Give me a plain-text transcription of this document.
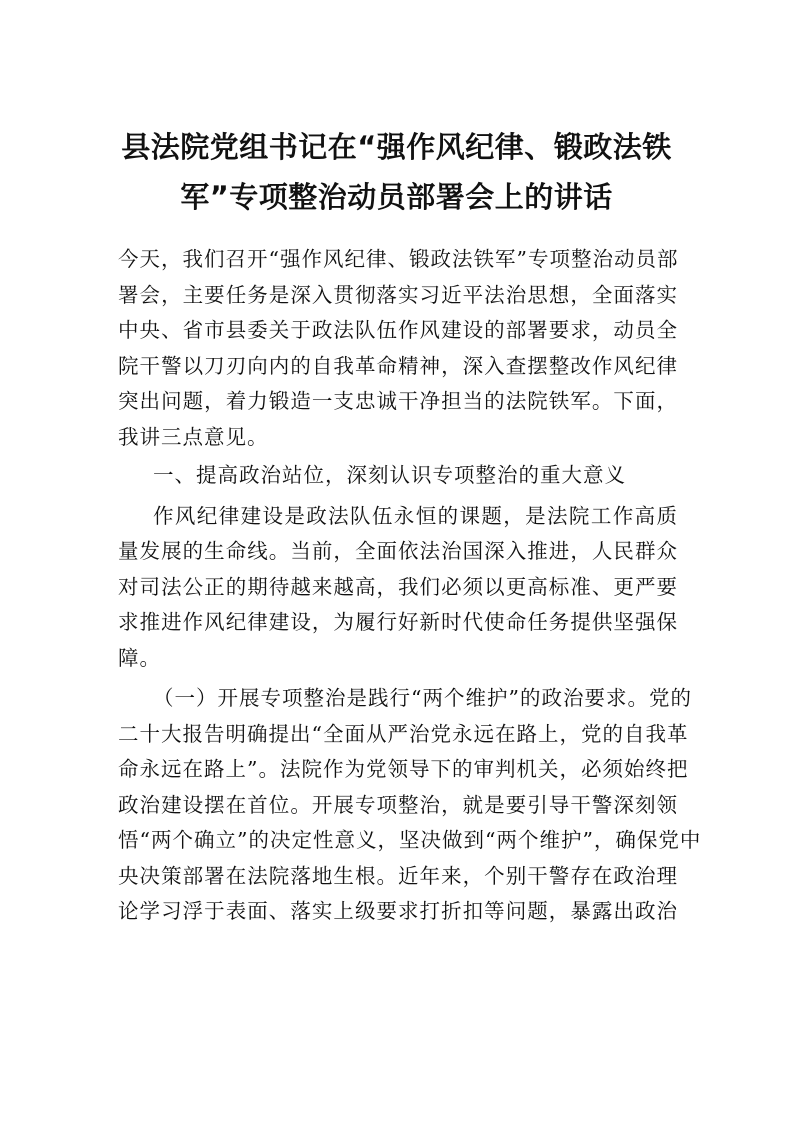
县法院党组书记在“强作风纪律、锻政法铁
军”专项整治动员部署会上的讲话

今天，我们召开“强作风纪律、锻政法铁军”专项整治动员部
署会，主要任务是深入贯彻落实习近平法治思想，全面落实
中央、省市县委关于政法队伍作风建设的部署要求，动员全
院干警以刀刃向内的自我革命精神，深入查摆整改作风纪律
突出问题，着力锻造一支忠诚干净担当的法院铁军。下面，
我讲三点意见。

一、提高政治站位，深刻认识专项整治的重大意义

作风纪律建设是政法队伍永恒的课题，是法院工作高质
量发展的生命线。当前，全面依法治国深入推进，人民群众
对司法公正的期待越来越高，我们必须以更高标准、更严要
求推进作风纪律建设，为履行好新时代使命任务提供坚强保
障。

（一）开展专项整治是践行“两个维护”的政治要求。党的
二十大报告明确提出“全面从严治党永远在路上，党的自我革
命永远在路上”。法院作为党领导下的审判机关，必须始终把
政治建设摆在首位。开展专项整治，就是要引导干警深刻领
悟“两个确立”的决定性意义，坚决做到“两个维护”，确保党中
央决策部署在法院落地生根。近年来，个别干警存在政治理
论学习浮于表面、落实上级要求打折扣等问题，暴露出政治
